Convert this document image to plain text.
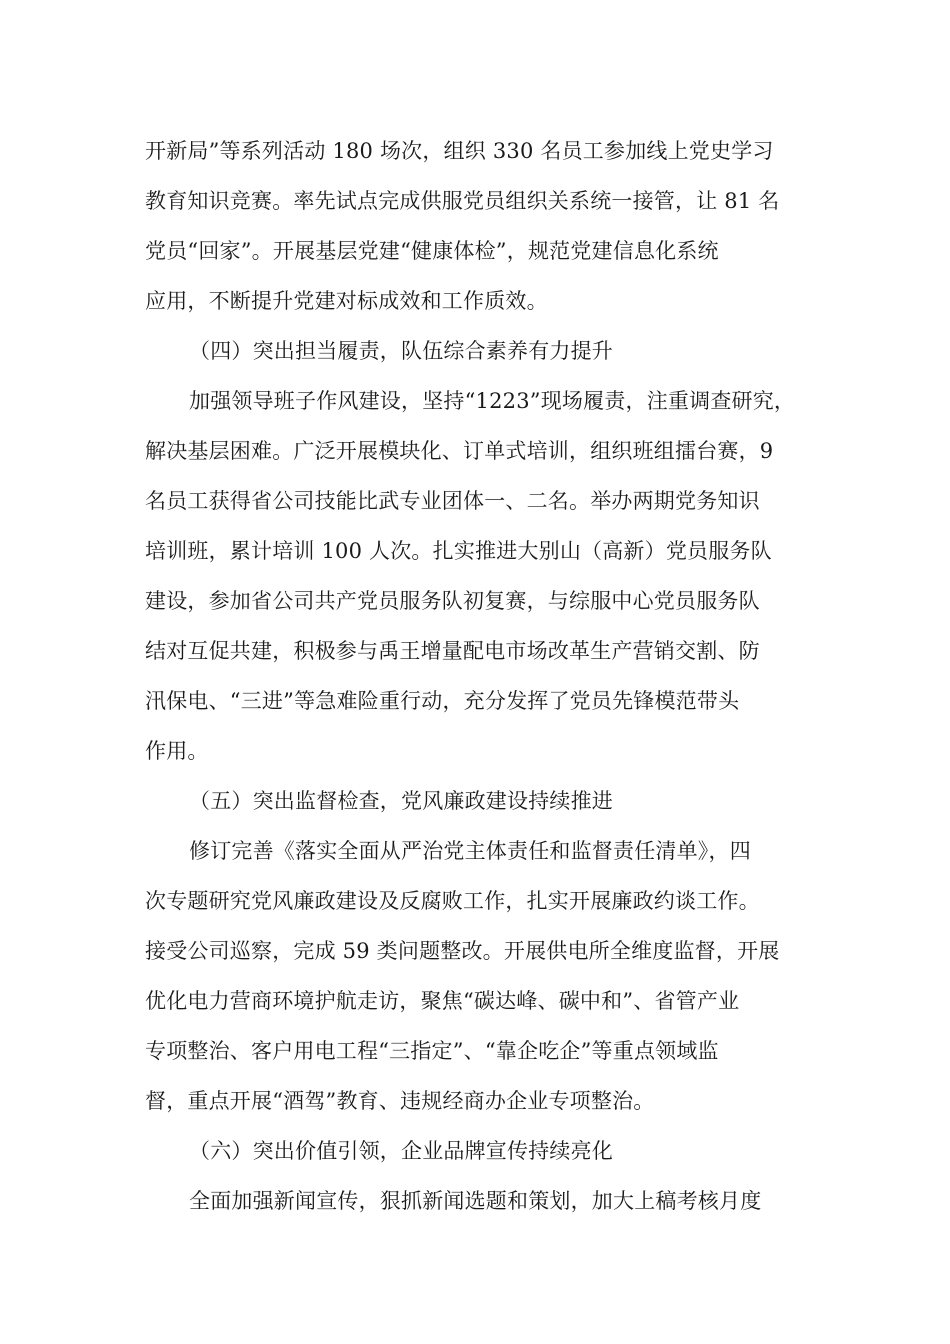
开新局”等系列活动 180 场次，组织 330 名员工参加线上党史学习
教育知识竞赛。率先试点完成供服党员组织关系统一接管，让 81 名
党员“回家”。开展基层党建“健康体检”，规范党建信息化系统
应用，不断提升党建对标成效和工作质效。
（四）突出担当履责，队伍综合素养有力提升
加强领导班子作风建设，坚持“1223”现场履责，注重调查研究，
解决基层困难。广泛开展模块化、订单式培训，组织班组擂台赛，9
名员工获得省公司技能比武专业团体一、二名。举办两期党务知识
培训班，累计培训 100 人次。扎实推进大别山（高新）党员服务队
建设，参加省公司共产党员服务队初复赛，与综服中心党员服务队
结对互促共建，积极参与禹王增量配电市场改革生产营销交割、防
汛保电、“三进”等急难险重行动，充分发挥了党员先锋模范带头
作用。
（五）突出监督检查，党风廉政建设持续推进
修订完善《落实全面从严治党主体责任和监督责任清单》，四
次专题研究党风廉政建设及反腐败工作，扎实开展廉政约谈工作。
接受公司巡察，完成 59 类问题整改。开展供电所全维度监督，开展
优化电力营商环境护航走访，聚焦“碳达峰、碳中和”、省管产业
专项整治、客户用电工程“三指定”、“靠企吃企”等重点领域监
督，重点开展“酒驾”教育、违规经商办企业专项整治。
（六）突出价值引领，企业品牌宣传持续亮化
全面加强新闻宣传，狠抓新闻选题和策划，加大上稿考核月度
